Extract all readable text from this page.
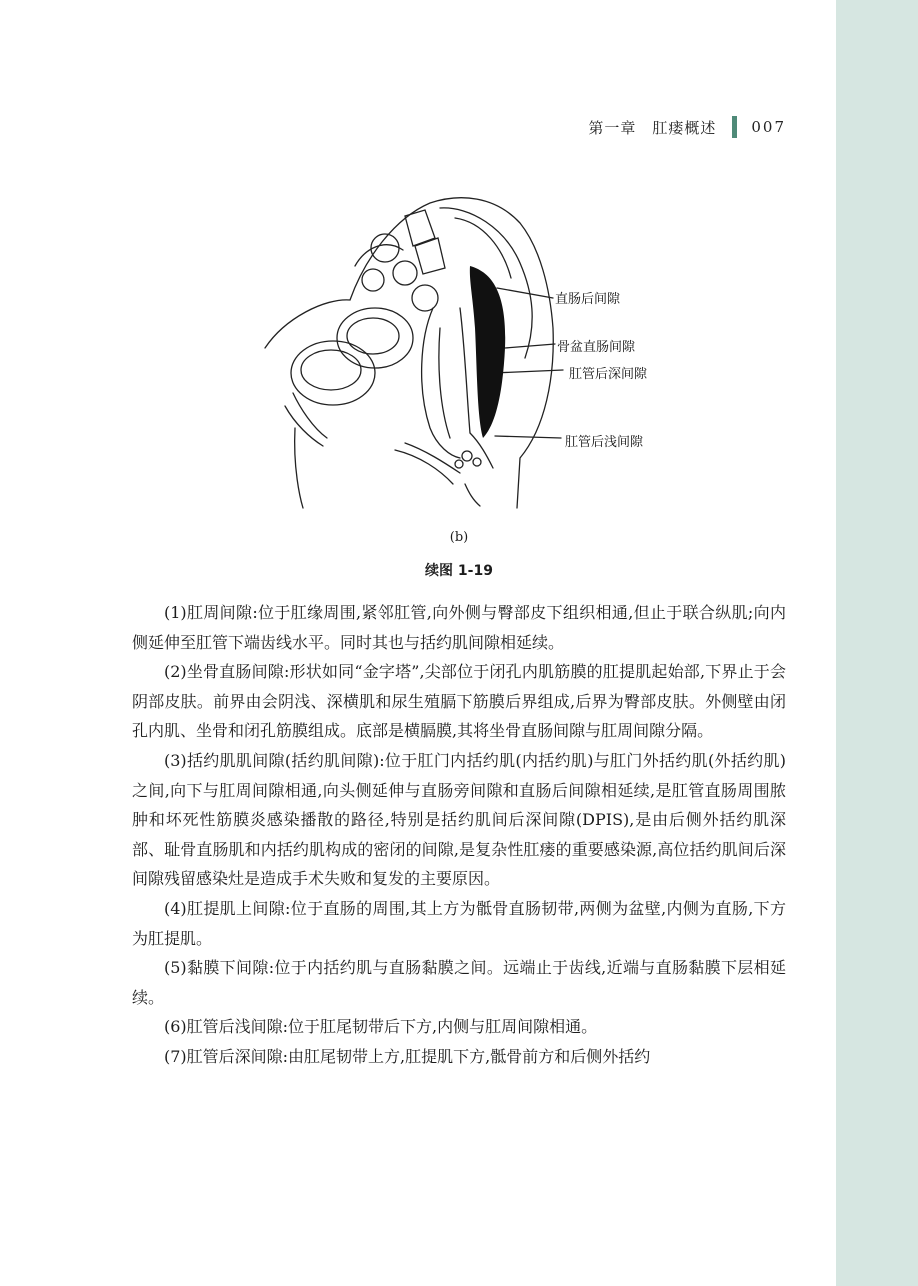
第一章　肛瘘概述 007
直肠后间隙
骨盆直肠间隙
肛管后深间隙
肛管后浅间隙
(b)
续图 1-19

(1)肛周间隙:位于肛缘周围,紧邻肛管,向外侧与臀部皮下组织相通,但止于联合纵肌;向内侧延伸至肛管下端齿线水平。同时其也与括约肌间隙相延续。

(2)坐骨直肠间隙:形状如同“金字塔”,尖部位于闭孔内肌筋膜的肛提肌起始部,下界止于会阴部皮肤。前界由会阴浅、深横肌和尿生殖膈下筋膜后界组成,后界为臀部皮肤。外侧壁由闭孔内肌、坐骨和闭孔筋膜组成。底部是横膈膜,其将坐骨直肠间隙与肛周间隙分隔。

(3)括约肌肌间隙(括约肌间隙):位于肛门内括约肌(内括约肌)与肛门外括约肌(外括约肌)之间,向下与肛周间隙相通,向头侧延伸与直肠旁间隙和直肠后间隙相延续,是肛管直肠周围脓肿和坏死性筋膜炎感染播散的路径,特别是括约肌间后深间隙(DPIS),是由后侧外括约肌深部、耻骨直肠肌和内括约肌构成的密闭的间隙,是复杂性肛瘘的重要感染源,高位括约肌间后深间隙残留感染灶是造成手术失败和复发的主要原因。

(4)肛提肌上间隙:位于直肠的周围,其上方为骶骨直肠韧带,两侧为盆壁,内侧为直肠,下方为肛提肌。

(5)黏膜下间隙:位于内括约肌与直肠黏膜之间。远端止于齿线,近端与直肠黏膜下层相延续。

(6)肛管后浅间隙:位于肛尾韧带后下方,内侧与肛周间隙相通。

(7)肛管后深间隙:由肛尾韧带上方,肛提肌下方,骶骨前方和后侧外括约
